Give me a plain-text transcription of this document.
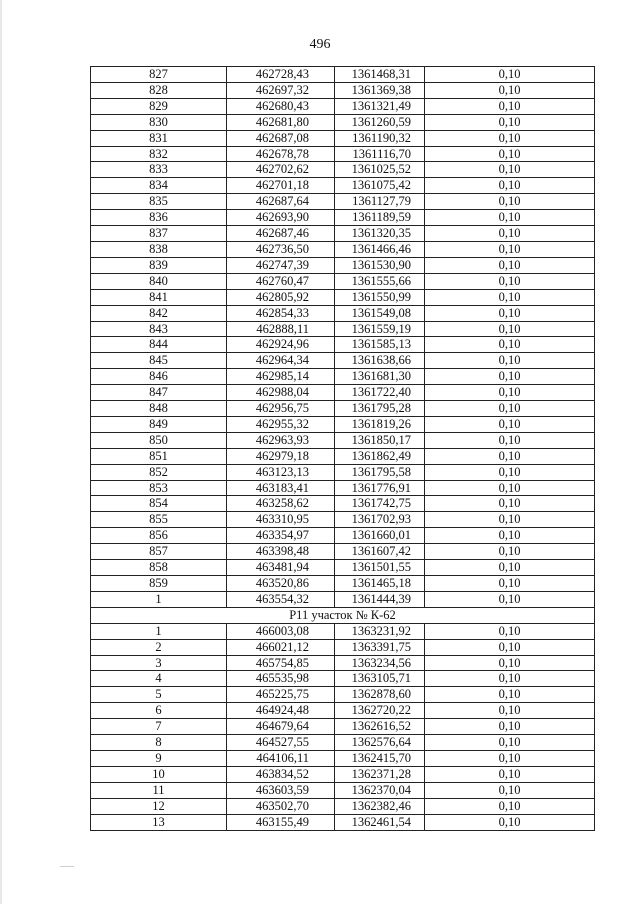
496
827	462728,43	1361468,31	0,10
828	462697,32	1361369,38	0,10
829	462680,43	1361321,49	0,10
830	462681,80	1361260,59	0,10
831	462687,08	1361190,32	0,10
832	462678,78	1361116,70	0,10
833	462702,62	1361025,52	0,10
834	462701,18	1361075,42	0,10
835	462687,64	1361127,79	0,10
836	462693,90	1361189,59	0,10
837	462687,46	1361320,35	0,10
838	462736,50	1361466,46	0,10
839	462747,39	1361530,90	0,10
840	462760,47	1361555,66	0,10
841	462805,92	1361550,99	0,10
842	462854,33	1361549,08	0,10
843	462888,11	1361559,19	0,10
844	462924,96	1361585,13	0,10
845	462964,34	1361638,66	0,10
846	462985,14	1361681,30	0,10
847	462988,04	1361722,40	0,10
848	462956,75	1361795,28	0,10
849	462955,32	1361819,26	0,10
850	462963,93	1361850,17	0,10
851	462979,18	1361862,49	0,10
852	463123,13	1361795,58	0,10
853	463183,41	1361776,91	0,10
854	463258,62	1361742,75	0,10
855	463310,95	1361702,93	0,10
856	463354,97	1361660,01	0,10
857	463398,48	1361607,42	0,10
858	463481,94	1361501,55	0,10
859	463520,86	1361465,18	0,10
1	463554,32	1361444,39	0,10
Р11 участок № К-62			
1	466003,08	1363231,92	0,10
2	466021,12	1363391,75	0,10
3	465754,85	1363234,56	0,10
4	465535,98	1363105,71	0,10
5	465225,75	1362878,60	0,10
6	464924,48	1362720,22	0,10
7	464679,64	1362616,52	0,10
8	464527,55	1362576,64	0,10
9	464106,11	1362415,70	0,10
10	463834,52	1362371,28	0,10
11	463603,59	1362370,04	0,10
12	463502,70	1362382,46	0,10
13	463155,49	1362461,54	0,10
